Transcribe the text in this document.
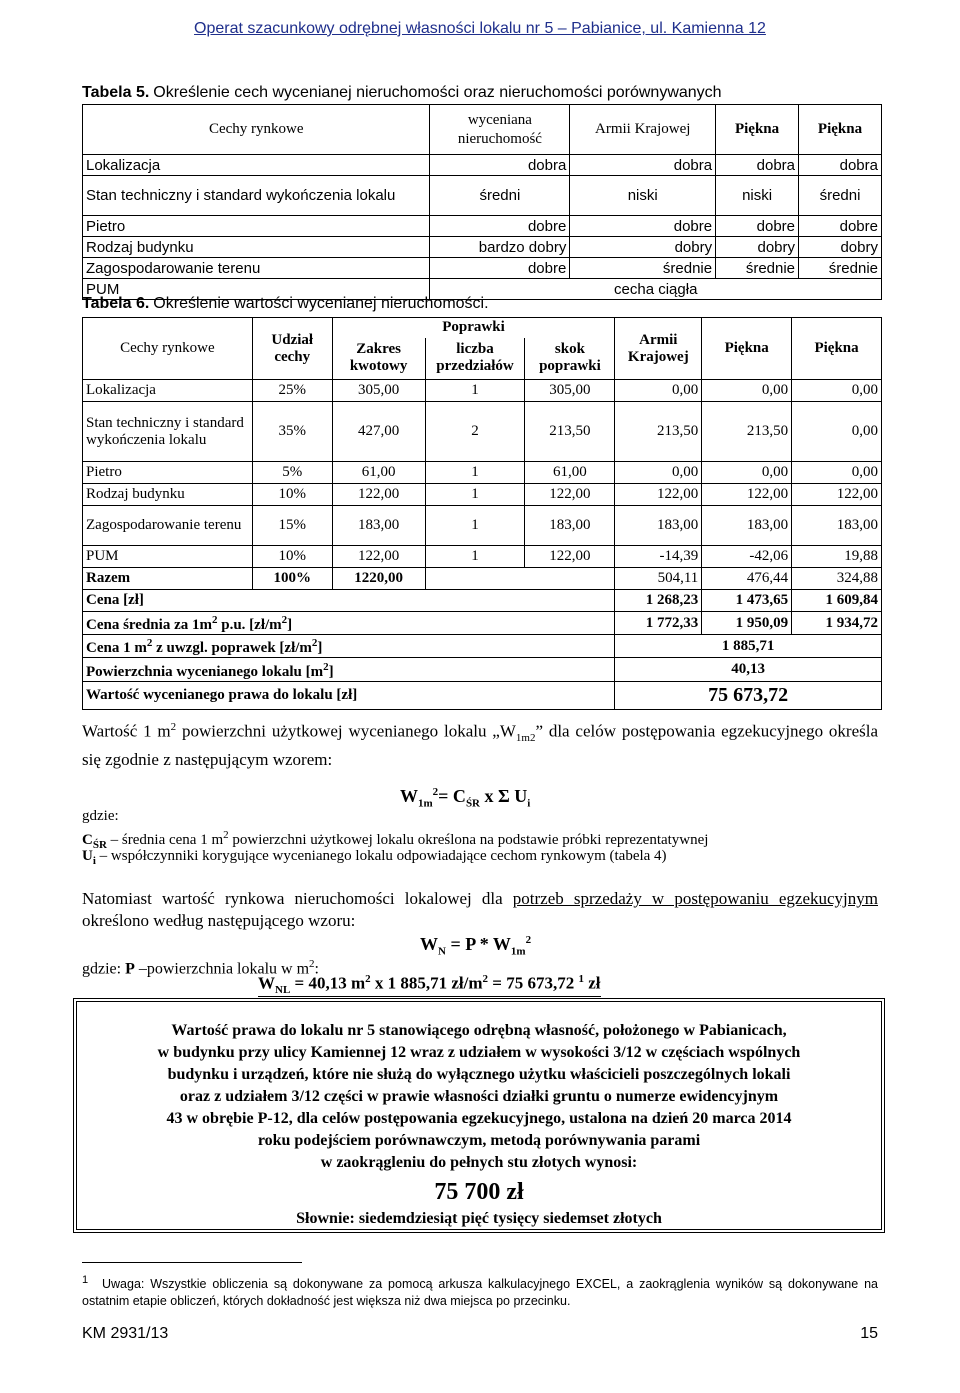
Operat szacunkowy odrębnej własności lokalu nr 5 – Pabianice, ul. Kamienna 12
Tabela 5. Określenie cech wycenianej nieruchomości oraz nieruchomości porównywanych
Cechy rynkowe	wyceniana nieruchomość	Armii Krajowej	Piękna	Piękna
Lokalizacja	dobra	dobra	dobra	dobra
Stan techniczny i standard wykończenia lokalu	średni	niski	niski	średni
Pietro	dobre	dobre	dobre	dobre
Rodzaj budynku	bardzo dobry	dobry	dobry	dobry
Zagospodarowanie terenu	dobre	średnie	średnie	średnie
PUM	cecha ciągła			
Tabela 6. Określenie wartości wycenianej nieruchomości.
Cechy rynkowe	Udział cechy	Poprawki			Armii Krajowej	Piękna	Piękna
		Zakres kwotowy	liczba przedziałów	skok poprawki			
Lokalizacja	25%	305,00	1	305,00	0,00	0,00	0,00
Stan techniczny i standard wykończenia lokalu	35%	427,00	2	213,50	213,50	213,50	0,00
Pietro	5%	61,00	1	61,00	0,00	0,00	0,00
Rodzaj budynku	10%	122,00	1	122,00	122,00	122,00	122,00
Zagospodarowanie terenu	15%	183,00	1	183,00	183,00	183,00	183,00
PUM	10%	122,00	1	122,00	-14,39	-42,06	19,88
Razem	100%	1220,00			504,11	476,44	324,88
Cena [zł]					1 268,23	1 473,65	1 609,84
Cena średnia za $1m^2$ p.u. $[zł/m^2]$					1 772,33	1 950,09	1 934,72
Cena 1 $m^2$ z uwzgl. poprawek $[zł/m^2]$					1 885,71		
Powierzchnia wycenianego lokalu $[m^2]$					40,13		
Wartość wycenianego prawa do lokalu [zł]					75 673,72		
Wartość 1 $m^2$ powierzchni użytkowej wycenianego lokalu $„W_{1m2}$” dla celów postępowania egzekucyjnego określa się zgodnie z następującym wzorem:
$W_{1m}^2= C_{ŚR}$ x Σ $U_i$
gdzie:
$C_{ŚR}$ – średnia cena 1 $m^2$ powierzchni użytkowej lokalu określona na podstawie próbki reprezentatywnej
$U_i$ – współczynniki korygujące wycenianego lokalu odpowiadające cechom rynkowym (tabela 4)
Natomiast wartość rynkowa nieruchomości lokalowej dla potrzeb sprzedaży w postępowaniu egzekucyjnym określono według następującego wzoru:
$W_N = P * W_{1m}^2$
gdzie: P –powierzchnia lokalu w $m^2$:
$W_{NL} = 40,13$ $m^2$ x 1 885,71 $zł/m^2 = 75$ 673,72 $^1$ zł
Wartość prawa do lokalu nr 5 stanowiącego odrębną własność, położonego w Pabianicach,
w budynku przy ulicy Kamiennej 12 wraz z udziałem w wysokości 3/12 w częściach wspólnych
budynku i urządzeń, które nie służą do wyłącznego użytku właścicieli poszczególnych lokali
oraz z udziałem 3/12 części w prawie własności działki gruntu o numerze ewidencyjnym
43 w obrębie P-12, dla celów postępowania egzekucyjnego, ustalona na dzień 20 marca 2014
roku podejściem porównawczym, metodą porównywania parami
w zaokrągleniu do pełnych stu złotych wynosi:
75 700 zł
Słownie: siedemdziesiąt pięć tysięcy siedemset złotych
$^1$ Uwaga: Wszystkie obliczenia są dokonywane za pomocą arkusza kalkulacyjnego EXCEL, a zaokrąglenia wyników są dokonywane na ostatnim etapie obliczeń, których dokładność jest większa niż dwa miejsca po przecinku.
KM 2931/13	15
